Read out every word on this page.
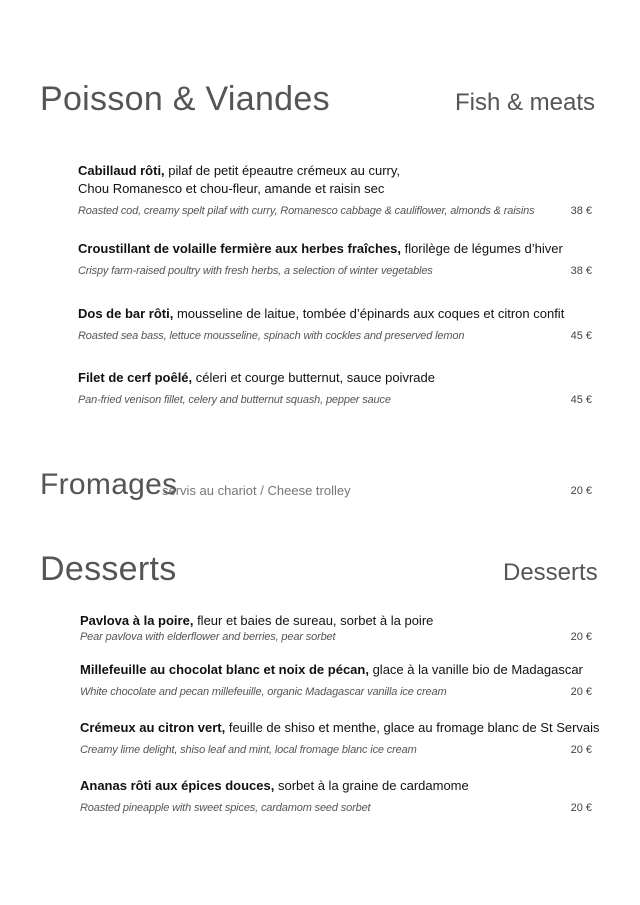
Poisson & Viandes	Fish & meats
Cabillaud rôti, pilaf de petit épeautre crémeux au curry,
Chou Romanesco et chou-fleur, amande et raisin sec
Roasted cod, creamy spelt pilaf with curry, Romanesco cabbage & cauliflower, almonds & raisins	38 €
Croustillant de volaille fermière aux herbes fraîches, florilège de légumes d’hiver
Crispy farm-raised poultry with fresh herbs, a selection of winter vegetables	38 €
Dos de bar rôti, mousseline de laitue, tombée d’épinards aux coques et citron confit
Roasted sea bass, lettuce mousseline, spinach with cockles and preserved lemon	45 €
Filet de cerf poêlé, céleri et courge butternut, sauce poivrade
Pan-fried venison fillet, celery and butternut squash, pepper sauce	45 €
Fromages
servis au chariot / Cheese trolley	20 €
Desserts	Desserts
Pavlova à la poire, fleur et baies de sureau, sorbet à la poire
Pear pavlova with elderflower and berries, pear sorbet	20 €
Millefeuille au chocolat blanc et noix de pécan, glace à la vanille bio de Madagascar
White chocolate and pecan millefeuille, organic Madagascar vanilla ice cream	20 €
Crémeux au citron vert, feuille de shiso et menthe, glace au fromage blanc de St Servais
Creamy lime delight, shiso leaf and mint, local fromage blanc ice cream	20 €
Ananas rôti aux épices douces, sorbet à la graine de cardamome
Roasted pineapple with sweet spices, cardamom seed sorbet	20 €
